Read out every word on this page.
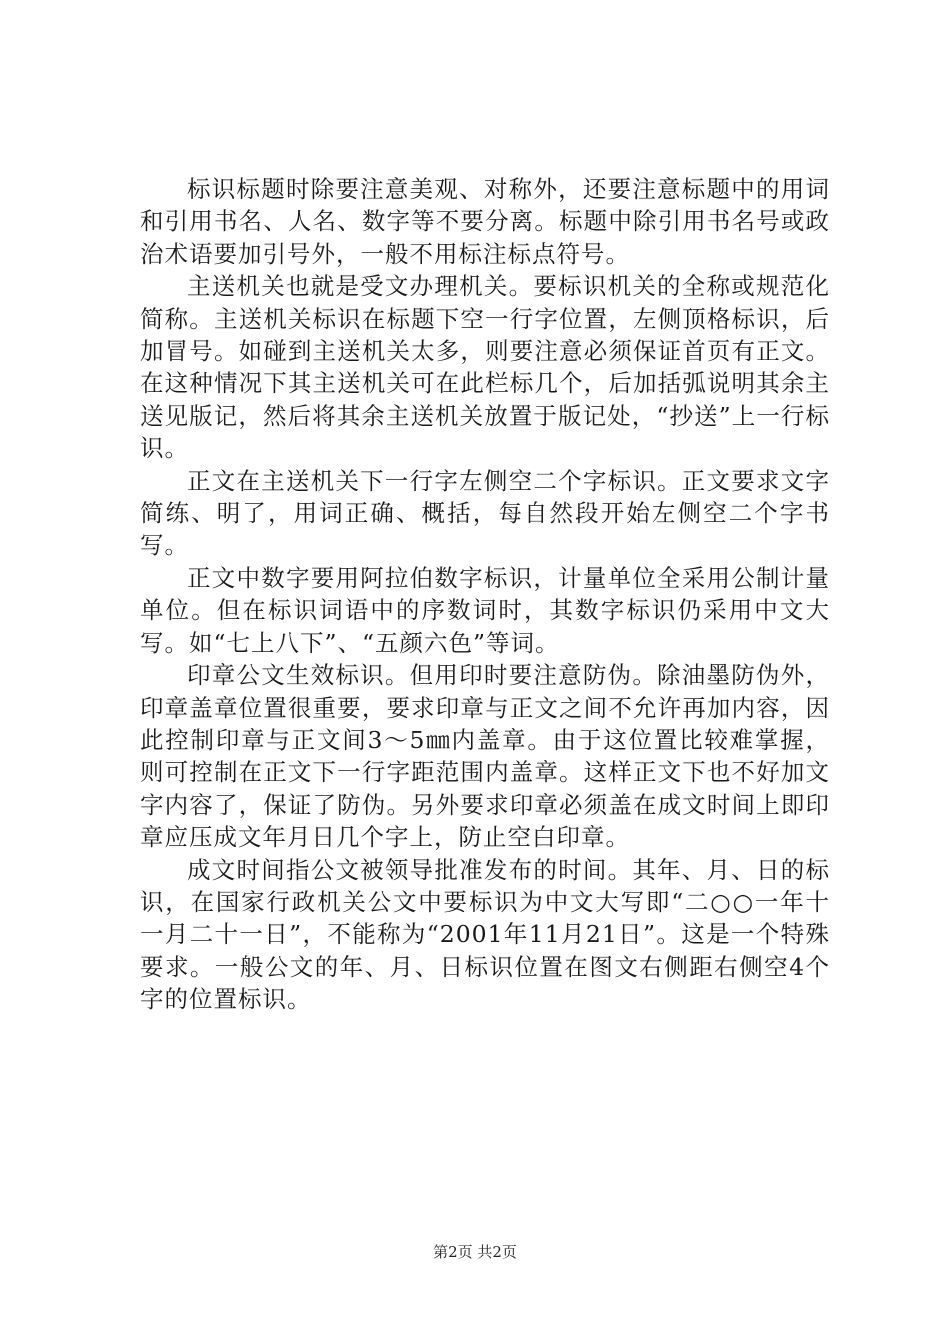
标识标题时除要注意美观、对称外，还要注意标题中的用词和引用书名、人名、数字等不要分离。标题中除引用书名号或政治术语要加引号外，一般不用标注标点符号。

主送机关也就是受文办理机关。要标识机关的全称或规范化简称。主送机关标识在标题下空一行字位置，左侧顶格标识，后加冒号。如碰到主送机关太多，则要注意必须保证首页有正文。在这种情况下其主送机关可在此栏标几个，后加括弧说明其余主送见版记，然后将其余主送机关放置于版记处，“抄送”上一行标识。

正文在主送机关下一行字左侧空二个字标识。正文要求文字简练、明了，用词正确、概括，每自然段开始左侧空二个字书写。

正文中数字要用阿拉伯数字标识，计量单位全采用公制计量单位。但在标识词语中的序数词时，其数字标识仍采用中文大写。如“七上八下”、“五颜六色”等词。

印章公文生效标识。但用印时要注意防伪。除油墨防伪外，印章盖章位置很重要，要求印章与正文之间不允许再加内容，因此控制印章与正文间3～5㎜内盖章。由于这位置比较难掌握，则可控制在正文下一行字距范围内盖章。这样正文下也不好加文字内容了，保证了防伪。另外要求印章必须盖在成文时间上即印章应压成文年月日几个字上，防止空白印章。

成文时间指公文被领导批准发布的时间。其年、月、日的标识，在国家行政机关公文中要标识为中文大写即“二○○一年十一月二十一日”，不能称为“2001年11月21日”。这是一个特殊要求。一般公文的年、月、日标识位置在图文右侧距右侧空4个字的位置标识。

第2页 共2页
